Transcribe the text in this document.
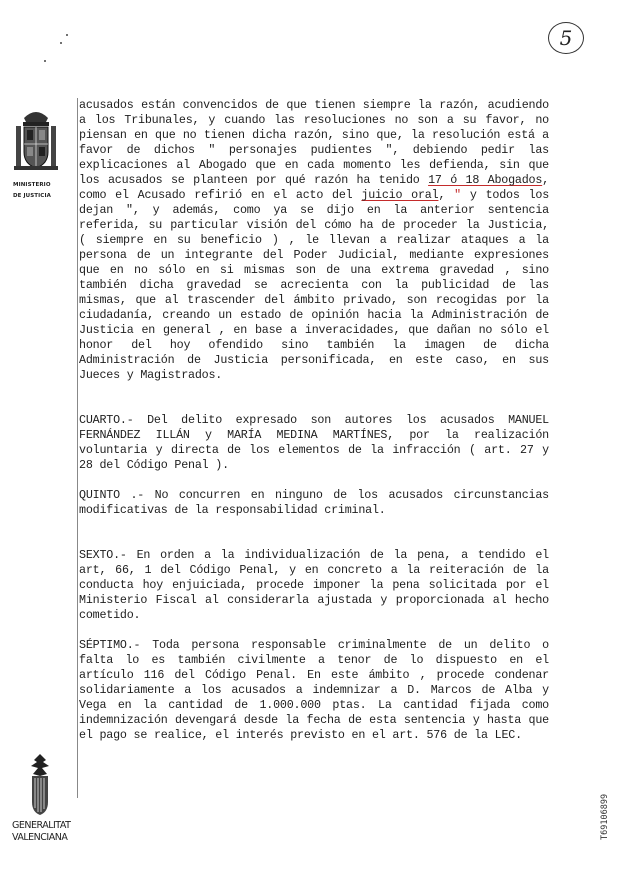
5
MINISTERIO
DE JUSTICIA

acusados están convencidos de que tienen siempre la razón, acudiendo a los Tribunales, y cuando las resoluciones no son a su favor, no piensan en que no tienen dicha razón, sino que, la resolución está a favor de dichos " personajes pudientes ", debiendo pedir las explicaciones al Abogado que en cada momento les defienda, sin que los acusados se planteen por qué razón ha tenido 17 ó 18 Abogados, como el Acusado refirió en el acto del juicio oral, " y todos los dejan ", y además, como ya se dijo en la anterior sentencia referida, su particular visión del cómo ha de proceder la Justicia, ( siempre en su beneficio ) , le llevan a realizar ataques a la persona de un integrante del Poder Judicial, mediante expresiones que en no sólo en si mismas son de una extrema gravedad , sino también dicha gravedad se acrecienta con la publicidad de las mismas, que al trascender del ámbito privado, son recogidas por la ciudadanía, creando un estado de opinión hacia la Administración de Justicia en general , en base a inveracidades, que dañan no sólo el honor del hoy ofendido sino también la imagen de dicha Administración de Justicia personificada, en este caso, en sus Jueces y Magistrados.

CUARTO.- Del delito expresado son autores los acusados MANUEL FERNÁNDEZ ILLÁN y MARÍA MEDINA MARTÍNES, por la realización voluntaria y directa de los elementos de la infracción ( art. 27 y 28 del Código Penal ).

QUINTO .- No concurren en ninguno de los acusados circunstancias modificativas de la responsabilidad criminal.

SEXTO.- En orden a la individualización de la pena, a tendido el art, 66, 1 del Código Penal, y en concreto a la reiteración de la conducta hoy enjuiciada, procede imponer la pena solicitada por el Ministerio Fiscal al considerarla ajustada y proporcionada al hecho cometido.

SÉPTIMO.- Toda persona responsable criminalmente de un delito o falta lo es también civilmente a tenor de lo dispuesto en el artículo 116 del Código Penal. En este ámbito , procede condenar solidariamente a los acusados a indemnizar a D. Marcos de Alba y Vega en la cantidad de 1.000.000 ptas. La cantidad fijada como indemnización devengará desde la fecha de esta sentencia y hasta que el pago se realice, el interés previsto en el art. 576 de la LEC.

GENERALITAT
VALENCIANA	T69106899
